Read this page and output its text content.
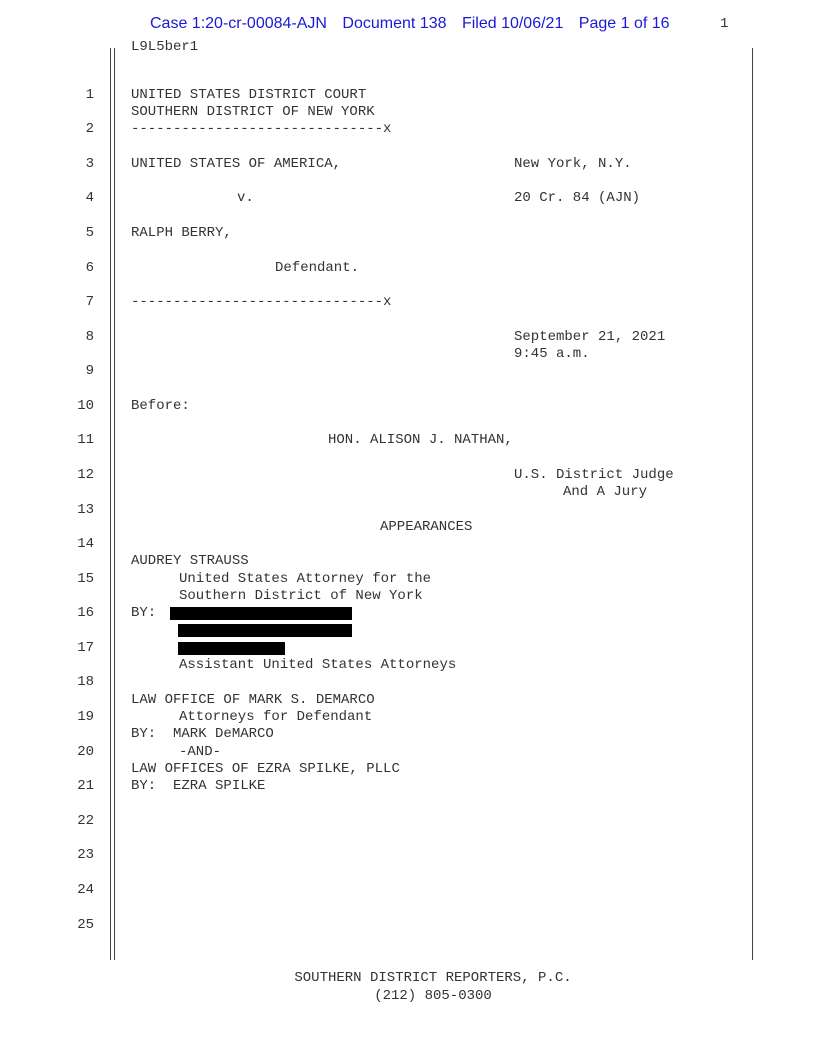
Case 1:20-cr-00084-AJN Document 138 Filed 10/06/21 Page 1 of 16	1
L9L5ber1
1
2
3
4
5
6
7
8
9
10
11
12
13
14
15
16
17
18
19
20
21
22
23
24
25
UNITED STATES DISTRICT COURT
SOUTHERN DISTRICT OF NEW YORK
------------------------------x
UNITED STATES OF AMERICA,	New York, N.Y.
v.	20 Cr. 84 (AJN)
RALPH BERRY,
Defendant.
------------------------------x
September 21, 2021
9:45 a.m.
Before:
HON. ALISON J. NATHAN,
U.S. District Judge
And A Jury
APPEARANCES
AUDREY STRAUSS
United States Attorney for the
Southern District of New York
BY:
Assistant United States Attorneys
LAW OFFICE OF MARK S. DEMARCO
Attorneys for Defendant
BY:  MARK DeMARCO
-AND-
LAW OFFICES OF EZRA SPILKE, PLLC
BY:  EZRA SPILKE
SOUTHERN DISTRICT REPORTERS, P.C.
(212) 805-0300
